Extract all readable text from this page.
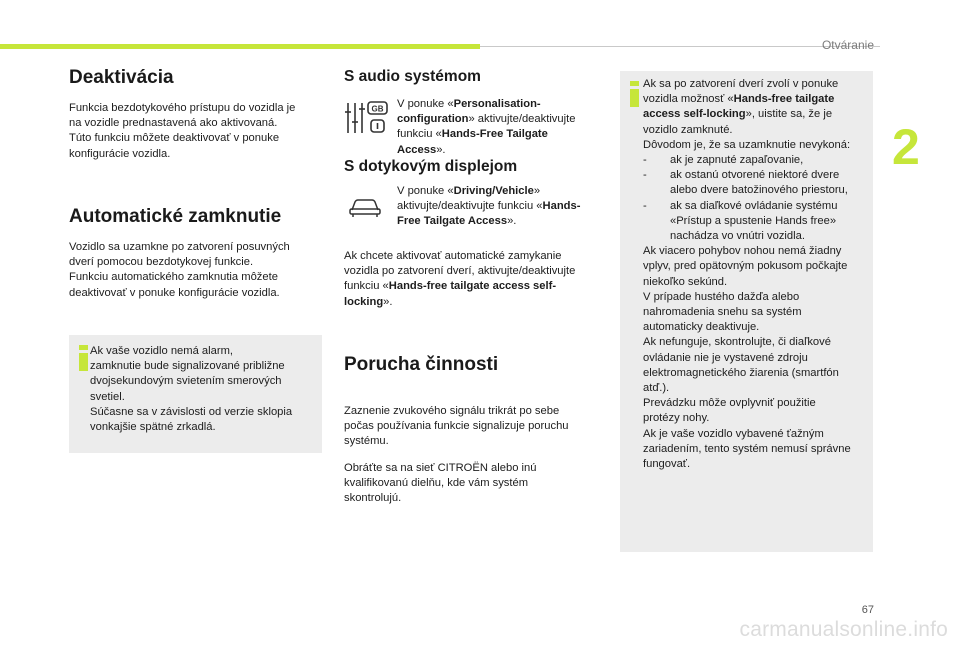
Otváranie
2
Deaktivácia
Funkcia bezdotykového prístupu do vozidla je
na vozidle prednastavená ako aktivovaná.
Túto funkciu môžete deaktivovať v ponuke
konfigurácie vozidla.
Automatické zamknutie
Vozidlo sa uzamkne po zatvorení posuvných
dverí pomocou bezdotykovej funkcie.
Funkciu automatického zamknutia môžete
deaktivovať v ponuke konfigurácie vozidla.
Ak vaše vozidlo nemá alarm,
zamknutie bude signalizované približne
dvojsekundovým svietením smerových
svetiel.
Súčasne sa v závislosti od verzie sklopia
vonkajšie spätné zrkadlá.
S audio systémom
GB V ponuke «Personalisation-
configuration» aktivujte/deaktivujte
funkciu «Hands-Free Tailgate
Access».
S dotykovým displejom
V ponuke «Driving/Vehicle»
aktivujte/deaktivujte funkciu «Hands-
Free Tailgate Access».
Ak chcete aktivovať automatické zamykanie
vozidla po zatvorení dverí, aktivujte/deaktivujte
funkciu «Hands-free tailgate access self-
locking».
Porucha činnosti
Zaznenie zvukového signálu trikrát po sebe
počas používania funkcie signalizuje poruchu
systému.
Obráťte sa na sieť CITROËN alebo inú
kvalifikovanú dielňu, kde vám systém
skontrolujú.
Ak sa po zatvorení dverí zvolí v ponuke
vozidla možnosť «Hands-free tailgate
access self-locking», uistite sa, že je
vozidlo zamknuté.
Dôvodom je, že sa uzamknutie nevykoná:
- ak je zapnuté zapaľovanie,
- ak ostanú otvorené niektoré dvere
alebo dvere batožinového priestoru,
- ak sa diaľkové ovládanie systému
«Prístup a spustenie Hands free»
nachádza vo vnútri vozidla.
Ak viacero pohybov nohou nemá žiadny
vplyv, pred opätovným pokusom počkajte
niekoľko sekúnd.
V prípade hustého dažďa alebo
nahromadenia snehu sa systém
automaticky deaktivuje.
Ak nefunguje, skontrolujte, či diaľkové
ovládanie nie je vystavené zdroju
elektromagnetického žiarenia (smartfón
atď.).
Prevádzku môže ovplyvniť použitie
protézy nohy.
Ak je vaše vozidlo vybavené ťažným
zariadením, tento systém nemusí správne
fungovať.
67
carmanualsonline.info
